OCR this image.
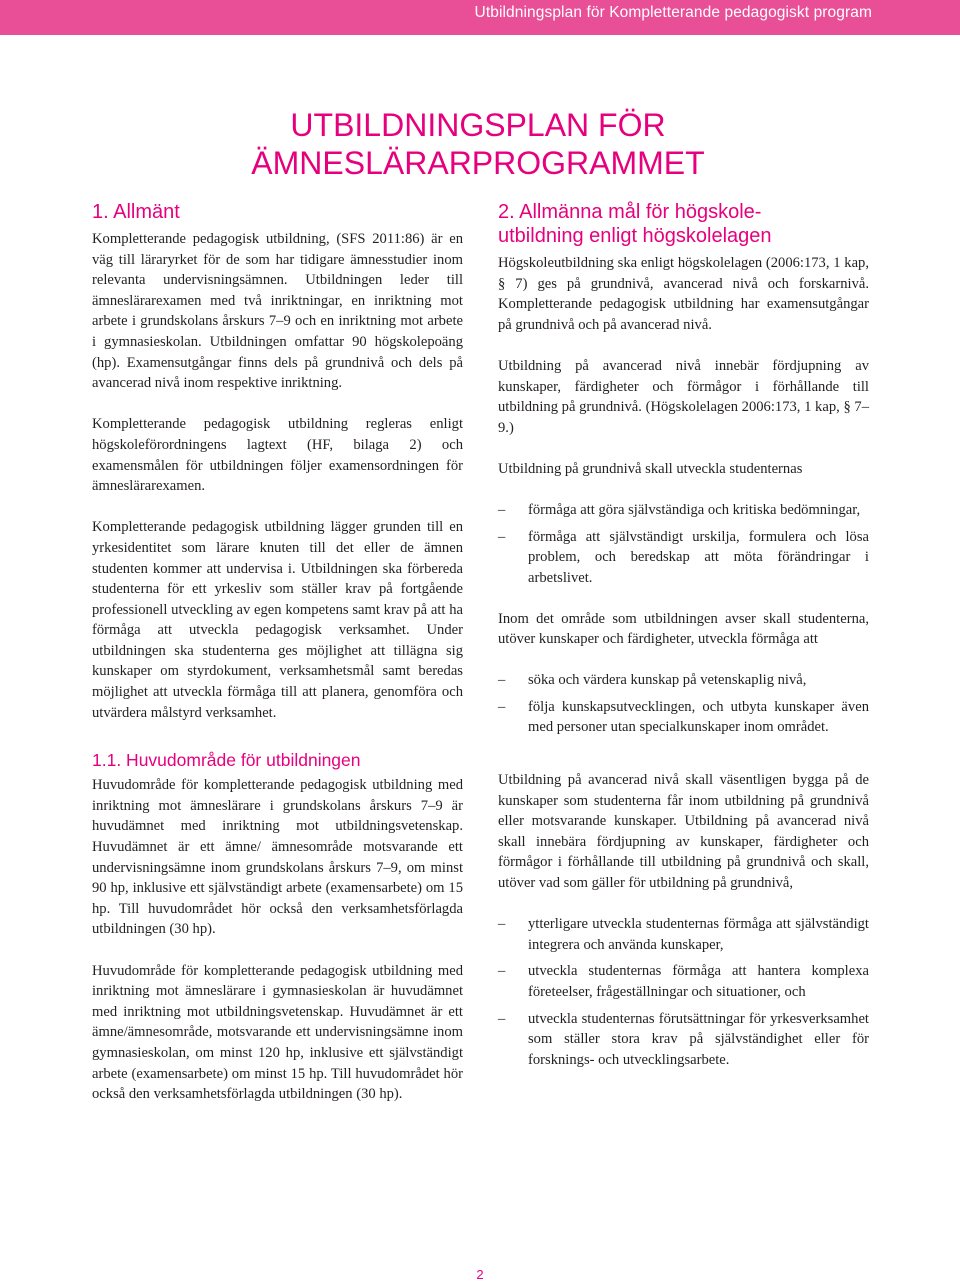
Utbildningsplan för Kompletterande pedagogiskt program
UTBILDNINGSPLAN FÖR
ÄMNESLÄRARPROGRAMMET
1. Allmänt

Kompletterande pedagogisk utbildning, (SFS 2011:86) är en väg till läraryrket för de som har tidigare ämnesstudier inom relevanta undervisningsämnen. Utbildningen leder till ämneslärarexamen med två inriktningar, en inriktning mot arbete i grundskolans årskurs 7–9 och en inriktning mot arbete i gymnasieskolan. Utbildningen omfattar 90 högskolepoäng (hp). Examensutgångar finns dels på grundnivå och dels på avancerad nivå inom respektive inriktning.

Kompletterande pedagogisk utbildning regleras enligt högskoleförordningens lagtext (HF, bilaga 2) och examensmålen för utbildningen följer examensordningen för ämneslärarexamen.

Kompletterande pedagogisk utbildning lägger grunden till en yrkesidentitet som lärare knuten till det eller de ämnen studenten kommer att undervisa i. Utbildningen ska förbereda studenterna för ett yrkesliv som ställer krav på fortgående professionell utveckling av egen kompetens samt krav på att ha förmåga att utveckla pedagogisk verksamhet. Under utbildningen ska studenterna ges möjlighet att tillägna sig kunskaper om styrdokument, verksamhetsmål samt beredas möjlighet att utveckla förmåga till att planera, genomföra och utvärdera målstyrd verksamhet.

1.1. Huvudområde för utbildningen

Huvudområde för kompletterande pedagogisk utbildning med inriktning mot ämneslärare i grundskolans årskurs 7–9 är huvudämnet med inriktning mot utbildningsvetenskap. Huvudämnet är ett ämne/ ämnesområde motsvarande ett undervisningsämne inom grundskolans årskurs 7–9, om minst 90 hp, inklusive ett självständigt arbete (examensarbete) om 15 hp. Till huvudområdet hör också den verksamhetsförlagda utbildningen (30 hp).

Huvudområde för kompletterande pedagogisk utbildning med inriktning mot ämneslärare i gymnasieskolan är huvudämnet med inriktning mot utbildningsvetenskap. Huvudämnet är ett ämne/ämnesområde, motsvarande ett undervisningsämne inom gymnasieskolan, om minst 120 hp, inklusive ett självständigt arbete (examensarbete) om minst 15 hp. Till huvudområdet hör också den verksamhetsförlagda utbildningen (30 hp).

2. Allmänna mål för högskole-
utbildning enligt högskolelagen

Högskoleutbildning ska enligt högskolelagen (2006:173, 1 kap, § 7) ges på grundnivå, avancerad nivå och forskarnivå. Kompletterande pedagogisk utbildning har examensutgångar på grundnivå och på avancerad nivå.

Utbildning på avancerad nivå innebär fördjupning av kunskaper, färdigheter och förmågor i förhållande till utbildning på grundnivå. (Högskolelagen 2006:173, 1 kap, § 7–9.)

Utbildning på grundnivå skall utveckla studenternas

– förmåga att göra självständiga och kritiska bedömningar,
– förmåga att självständigt urskilja, formulera och lösa problem, och beredskap att möta förändringar i arbetslivet.

Inom det område som utbildningen avser skall studenterna, utöver kunskaper och färdigheter, utveckla förmåga att

– söka och värdera kunskap på vetenskaplig nivå,
– följa kunskapsutvecklingen, och utbyta kunskaper även med personer utan specialkunskaper inom området.

Utbildning på avancerad nivå skall väsentligen bygga på de kunskaper som studenterna får inom utbildning på grundnivå eller motsvarande kunskaper. Utbildning på avancerad nivå skall innebära fördjupning av kunskaper, färdigheter och förmågor i förhållande till utbildning på grundnivå och skall, utöver vad som gäller för utbildning på grundnivå,

– ytterligare utveckla studenternas förmåga att självständigt integrera och använda kunskaper,
– utveckla studenternas förmåga att hantera komplexa företeelser, frågeställningar och situationer, och
– utveckla studenternas förutsättningar för yrkesverksamhet som ställer stora krav på självständighet eller för forsknings- och utvecklingsarbete.
2
